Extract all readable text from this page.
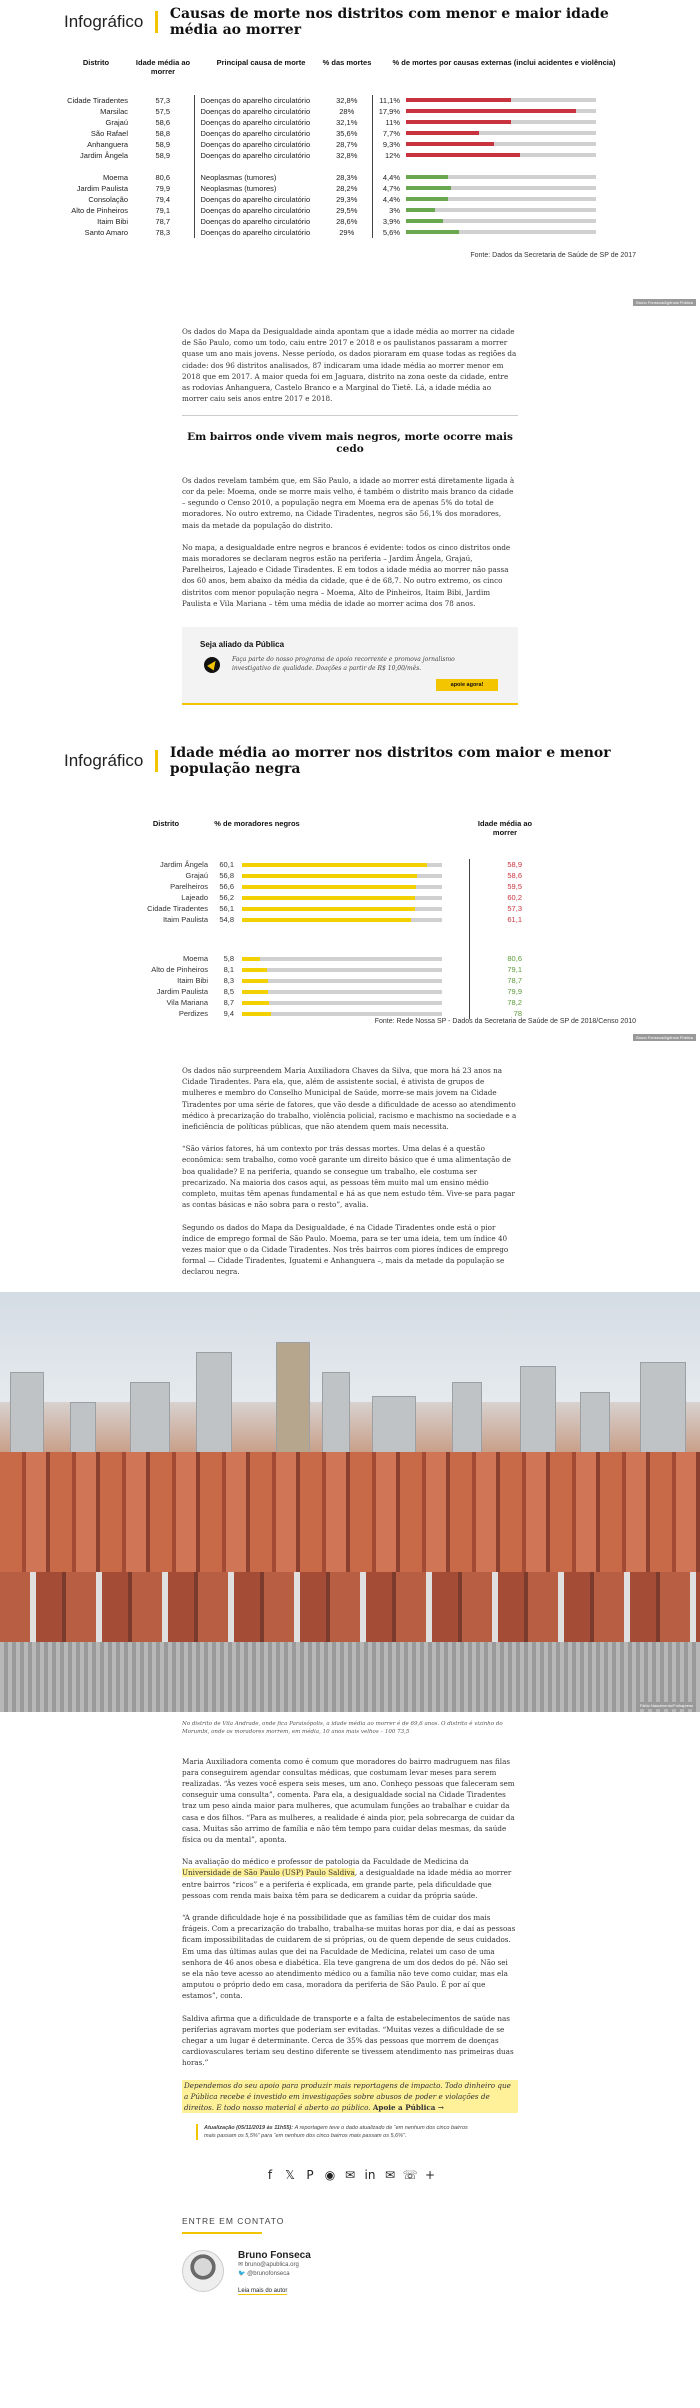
Infográfico Causas de morte nos distritos com menor e maior idade média ao morrer
Distrito	Idade média ao morrer	Principal causa de morte	% das mortes	% de mortes por causas externas (inclui acidentes e violência)	
Cidade Tiradentes	57,3	Doenças do aparelho circulatório	32,8%	11,1%	

Marsilac	57,5	Doenças do aparelho circulatório	28%	17,9%	

Grajaú	58,6	Doenças do aparelho circulatório	32,1%	11%	

São Rafael	58,8	Doenças do aparelho circulatório	35,6%	7,7%	

Anhanguera	58,9	Doenças do aparelho circulatório	28,7%	9,3%	

Jardim Ângela	58,9	Doenças do aparelho circulatório	32,8%	12%	

Moema	80,6	Neoplasmas (tumores)	28,3%	4,4%	

Jardim Paulista	79,9	Neoplasmas (tumores)	28,2%	4,7%	

Consolação	79,4	Doenças do aparelho circulatório	29,3%	4,4%	

Alto de Pinheiros	79,1	Doenças do aparelho circulatório	29,5%	3%	

Itaim Bibi	78,7	Doenças do aparelho circulatório	28,6%	3,9%	

Santo Amaro	78,3	Doenças do aparelho circulatório	29%	5,6%	
Fonte: Dados da Secretaria de Saúde de SP de 2017
Bruno Fonseca/Agência Pública

Os dados do Mapa da Desigualdade ainda apontam que a idade média ao morrer na cidade de São Paulo, como um todo, caiu entre 2017 e 2018 e os paulistanos passaram a morrer quase um ano mais jovens. Nesse período, os dados pioraram em quase todas as regiões da cidade: dos 96 distritos analisados, 87 indicaram uma idade média ao morrer menor em 2018 que em 2017. A maior queda foi em Jaguara, distrito na zona oeste da cidade, entre as rodovias Anhanguera, Castelo Branco e a Marginal do Tietê. Lá, a idade média ao morrer caiu seis anos entre 2017 e 2018.

Em bairros onde vivem mais negros, morte ocorre mais cedo

Os dados revelam também que, em São Paulo, a idade ao morrer está diretamente ligada à cor da pele: Moema, onde se morre mais velho, é também o distrito mais branco da cidade – segundo o Censo 2010, a população negra em Moema era de apenas 5% do total de moradores. No outro extremo, na Cidade Tiradentes, negros são 56,1% dos moradores, mais da metade da população do distrito.

No mapa, a desigualdade entre negros e brancos é evidente: todos os cinco distritos onde mais moradores se declaram negros estão na periferia – Jardim Ângela, Grajaú, Parelheiros, Lajeado e Cidade Tiradentes. E em todos a idade média ao morrer não passa dos 60 anos, bem abaixo da média da cidade, que é de 68,7. No outro extremo, os cinco distritos com menor população negra – Moema, Alto de Pinheiros, Itaim Bibi, Jardim Paulista e Vila Mariana – têm uma média de idade ao morrer acima dos 78 anos.

Seja aliado da Pública
Faça parte do nosso programa de apoio recorrente e promova jornalismo investigativo de qualidade. Doações a partir de R$ 10,00/mês.
apoie agora!
Infográfico Idade média ao morrer nos distritos com maior e menor população negra
Distrito	% de moradores negros	Idade média ao morrer
Jardim Ângela	60,1	58,9
Grajaú	56,8	58,6
Parelheiros	56,6	59,5
Lajeado	56,2	60,2
Cidade Tiradentes	56,1	57,3
Itaim Paulista	54,8	61,1
Moema	5,8	80,6
Alto de Pinheiros	8,1	79,1
Itaim Bibi	8,3	78,7
Jardim Paulista	8,5	79,9
Vila Mariana	8,7	78,2
Perdizes	9,4	78
Fonte: Rede Nossa SP - Dados da Secretaria de Saúde de SP de 2018/Censo 2010
Bruno Fonseca/Agência Pública

Os dados não surpreendem Maria Auxiliadora Chaves da Silva, que mora há 23 anos na Cidade Tiradentes. Para ela, que, além de assistente social, é ativista de grupos de mulheres e membro do Conselho Municipal de Saúde, morre-se mais jovem na Cidade Tiradentes por uma série de fatores, que vão desde a dificuldade de acesso ao atendimento médico à precarização do trabalho, violência policial, racismo e machismo na sociedade e a ineficiência de políticas públicas, que não atendem quem mais necessita.

“São vários fatores, há um contexto por trás dessas mortes. Uma delas é a questão econômica: sem trabalho, como você garante um direito básico que é uma alimentação de boa qualidade? E na periferia, quando se consegue um trabalho, ele costuma ser precarizado. Na maioria dos casos aqui, as pessoas têm muito mal um ensino médio completo, muitas têm apenas fundamental e há as que nem estudo têm. Vive-se para pagar as contas básicas e não sobra para o resto”, avalia.

Segundo os dados do Mapa da Desigualdade, é na Cidade Tiradentes onde está o pior índice de emprego formal de São Paulo. Moema, para se ter uma ideia, tem um índice 40 vezes maior que o da Cidade Tiradentes. Nos três bairros com piores índices de emprego formal — Cidade Tiradentes, Iguatemi e Anhanguera –, mais da metade da população se declarou negra.

Fábio Nascimento/Folhapress
No distrito de Vila Andrade, onde fica Paraisópolis, a idade média ao morrer é de 69,6 anos. O distrito é vizinho do Morumbi, onde os moradores morrem, em média, 10 anos mais velhos – 100 73,5

Maria Auxiliadora comenta como é comum que moradores do bairro madruguem nas filas para conseguirem agendar consultas médicas, que costumam levar meses para serem realizadas. “Às vezes você espera seis meses, um ano. Conheço pessoas que faleceram sem conseguir uma consulta”, comenta. Para ela, a desigualdade social na Cidade Tiradentes traz um peso ainda maior para mulheres, que acumulam funções ao trabalhar e cuidar da casa e dos filhos. “Para as mulheres, a realidade é ainda pior, pela sobrecarga de cuidar da casa. Muitas são arrimo de família e não têm tempo para cuidar delas mesmas, da saúde física ou da mental”, aponta.

Na avaliação do médico e professor de patologia da Faculdade de Medicina da Universidade de São Paulo (USP) Paulo Saldiva, a desigualdade na idade média ao morrer entre bairros “ricos” e a periferia é explicada, em grande parte, pela dificuldade que pessoas com renda mais baixa têm para se dedicarem a cuidar da própria saúde.

“A grande dificuldade hoje é na possibilidade que as famílias têm de cuidar dos mais frágeis. Com a precarização do trabalho, trabalha-se muitas horas por dia, e daí as pessoas ficam impossibilitadas de cuidarem de si próprias, ou de quem depende de seus cuidados. Em uma das últimas aulas que dei na Faculdade de Medicina, relatei um caso de uma senhora de 46 anos obesa e diabética. Ela teve gangrena de um dos dedos do pé. Não sei se ela não teve acesso ao atendimento médico ou a família não teve como cuidar, mas ela amputou o próprio dedo em casa, moradora da periferia de São Paulo. É por aí que estamos”, conta.

Saldiva afirma que a dificuldade de transporte e a falta de estabelecimentos de saúde nas periferias agravam mortes que poderiam ser evitadas. “Muitas vezes a dificuldade de se chegar a um lugar é determinante. Cerca de 35% das pessoas que morrem de doenças cardiovasculares teriam seu destino diferente se tivessem atendimento nas primeiras duas horas.”

Dependemos do seu apoio para produzir mais reportagens de impacto. Todo dinheiro que a Pública recebe é investido em investigações sobre abusos de poder e violações de direitos. E todo nosso material é aberto ao público. Apoie a Pública →

Atualização (05/11/2019 às 11h55): A reportagem teve o dado atualizado de “em nenhum dos cinco bairros mais passam os 5,5%” para “em nenhum dos cinco bairros mais passam os 5,6%”.
f	𝕏 P ◉ ✉ in ✉ ☏ +
ENTRE EM CONTATO
Bruno Fonseca
✉ bruno@apublica.org
🐦 @brunofonseca
Leia mais do autor
